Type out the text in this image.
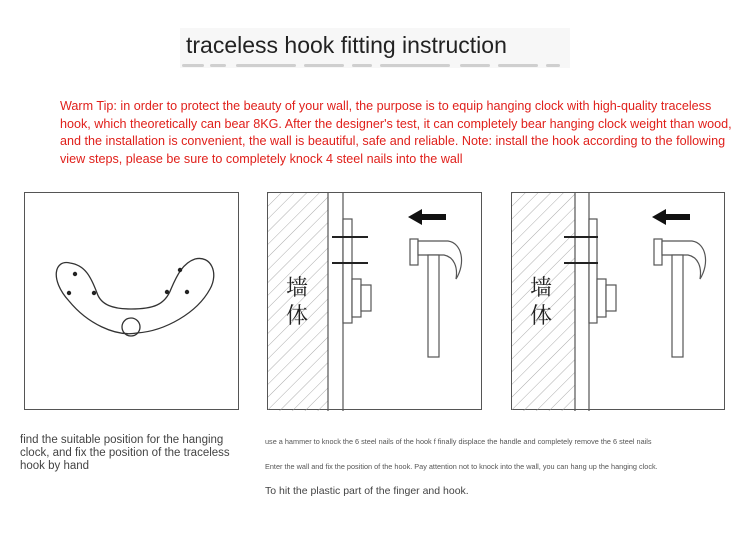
traceless hook fitting instruction
Warm Tip: in order to protect the beauty of your wall, the purpose is to equip hanging clock with high-quality traceless hook, which theoretically can bear 8KG. After the designer's test, it can completely bear hanging clock weight than wood, and the installation is convenient, the wall is beautiful, safe and reliable. Note: install the hook according to the following view steps, please be sure to completely knock 4 steel nails into the wall
墙体
墙体
find the suitable position for the hanging clock, and fix the position of the traceless hook by hand
use a hammer to knock the 6 steel nails of the hook f finally displace the handle and completely remove the 6 steel nails
Enter the wall and fix the position of the hook. Pay attention not to knock into the wall, you can hang up the hanging clock.
To hit the plastic part of the finger and hook.
